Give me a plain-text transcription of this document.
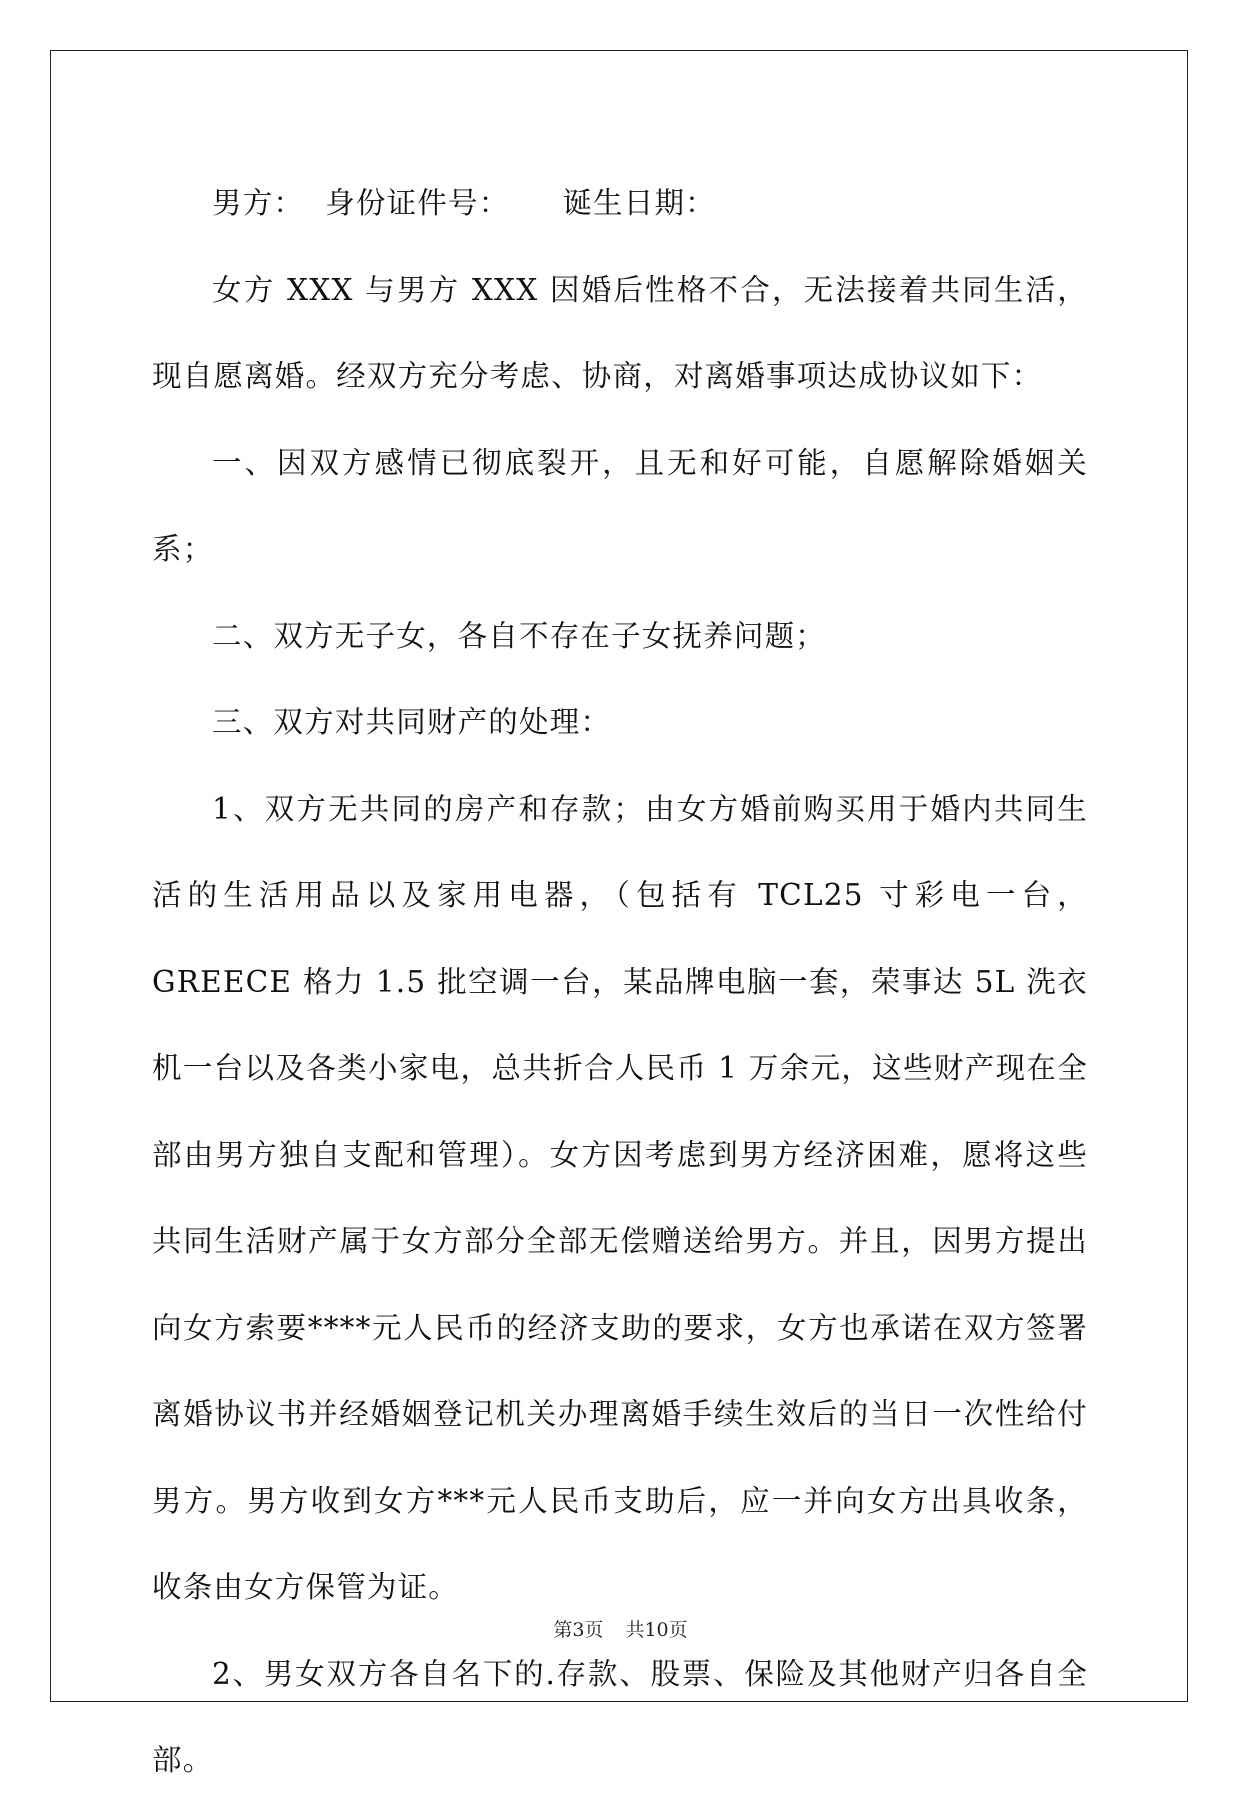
男方：  身份证件号：     诞生日期：

女方 XXX 与男方 XXX 因婚后性格不合，无法接着共同生活，现自愿离婚。经双方充分考虑、协商，对离婚事项达成协议如下：

一、因双方感情已彻底裂开，且无和好可能，自愿解除婚姻关系；

二、双方无子女，各自不存在子女抚养问题；

三、双方对共同财产的处理：

1、双方无共同的房产和存款；由女方婚前购买用于婚内共同生活的生活用品以及家用电器，（包括有 TCL25 寸彩电一台，GREECE 格力 1.5 批空调一台，某品牌电脑一套，荣事达 5L 洗衣机一台以及各类小家电，总共折合人民币 1 万余元，这些财产现在全部由男方独自支配和管理）。女方因考虑到男方经济困难，愿将这些共同生活财产属于女方部分全部无偿赠送给男方。并且，因男方提出向女方索要****元人民币的经济支助的要求，女方也承诺在双方签署离婚协议书并经婚姻登记机关办理离婚手续生效后的当日一次性给付男方。男方收到女方***元人民币支助后，应一并向女方出具收条，收条由女方保管为证。

2、男女双方各自名下的.存款、股票、保险及其他财产归各自全部。

第3页 共10页
